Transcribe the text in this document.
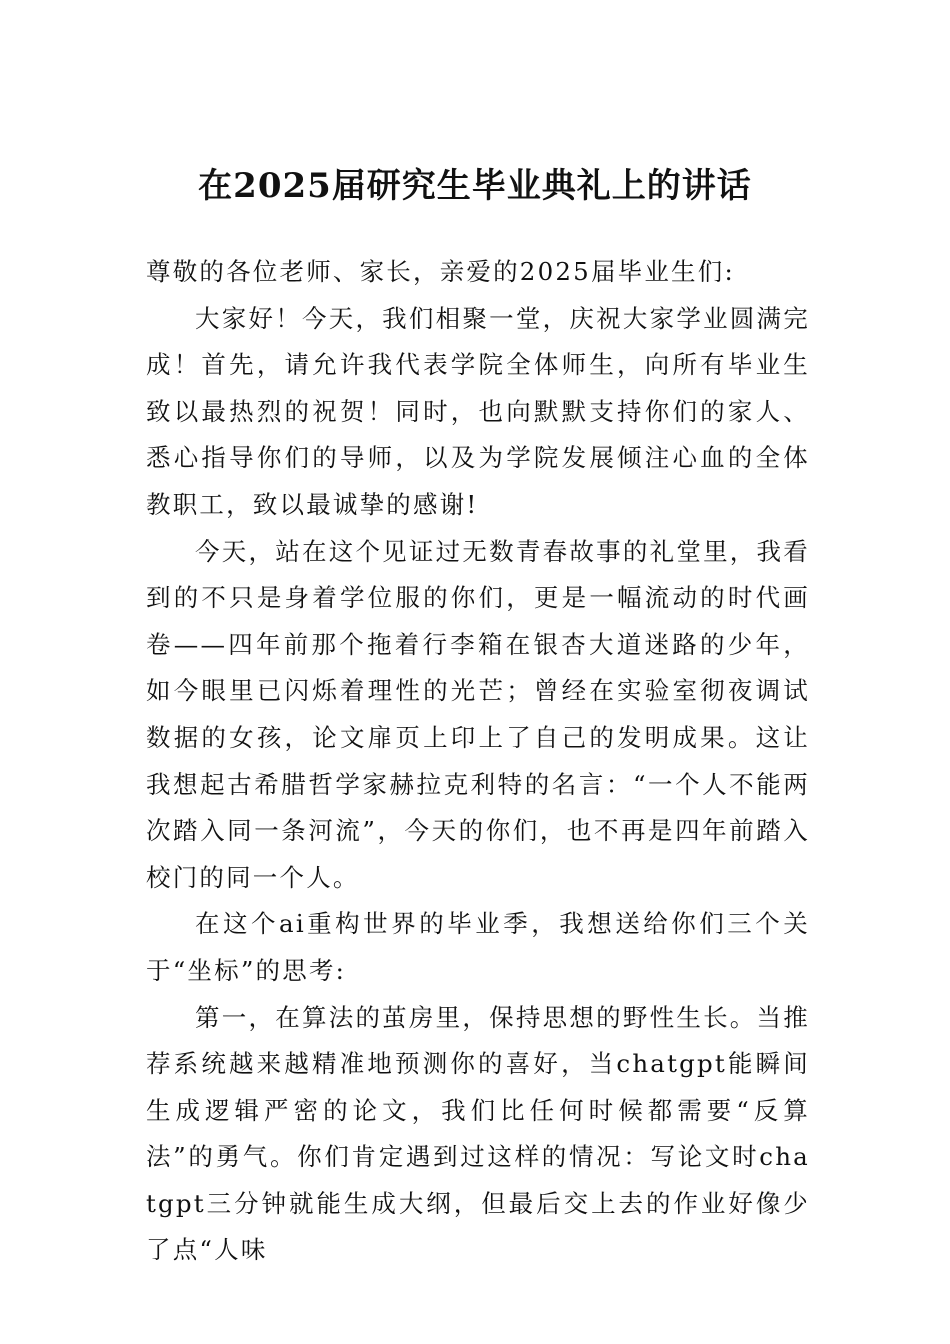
在2025届研究生毕业典礼上的讲话

尊敬的各位老师、家长，亲爱的2025届毕业生们:

大家好！今天，我们相聚一堂，庆祝大家学业圆满完成！首先，请允许我代表学院全体师生，向所有毕业生致以最热烈的祝贺！同时，也向默默支持你们的家人、悉心指导你们的导师，以及为学院发展倾注心血的全体教职工，致以最诚挚的感谢!

今天，站在这个见证过无数青春故事的礼堂里，我看到的不只是身着学位服的你们，更是一幅流动的时代画卷——四年前那个拖着行李箱在银杏大道迷路的少年，如今眼里已闪烁着理性的光芒；曾经在实验室彻夜调试数据的女孩，论文扉页上印上了自己的发明成果。这让我想起古希腊哲学家赫拉克利特的名言：“一个人不能两次踏入同一条河流”，今天的你们，也不再是四年前踏入校门的同一个人。

在这个ai重构世界的毕业季，我想送给你们三个关于“坐标”的思考:

第一，在算法的茧房里，保持思想的野性生长。当推荐系统越来越精准地预测你的喜好，当chatgpt能瞬间生成逻辑严密的论文，我们比任何时候都需要“反算法”的勇气。你们肯定遇到过这样的情况：写论文时chatgpt三分钟就能生成大纲，但最后交上去的作业好像少了点“人味
